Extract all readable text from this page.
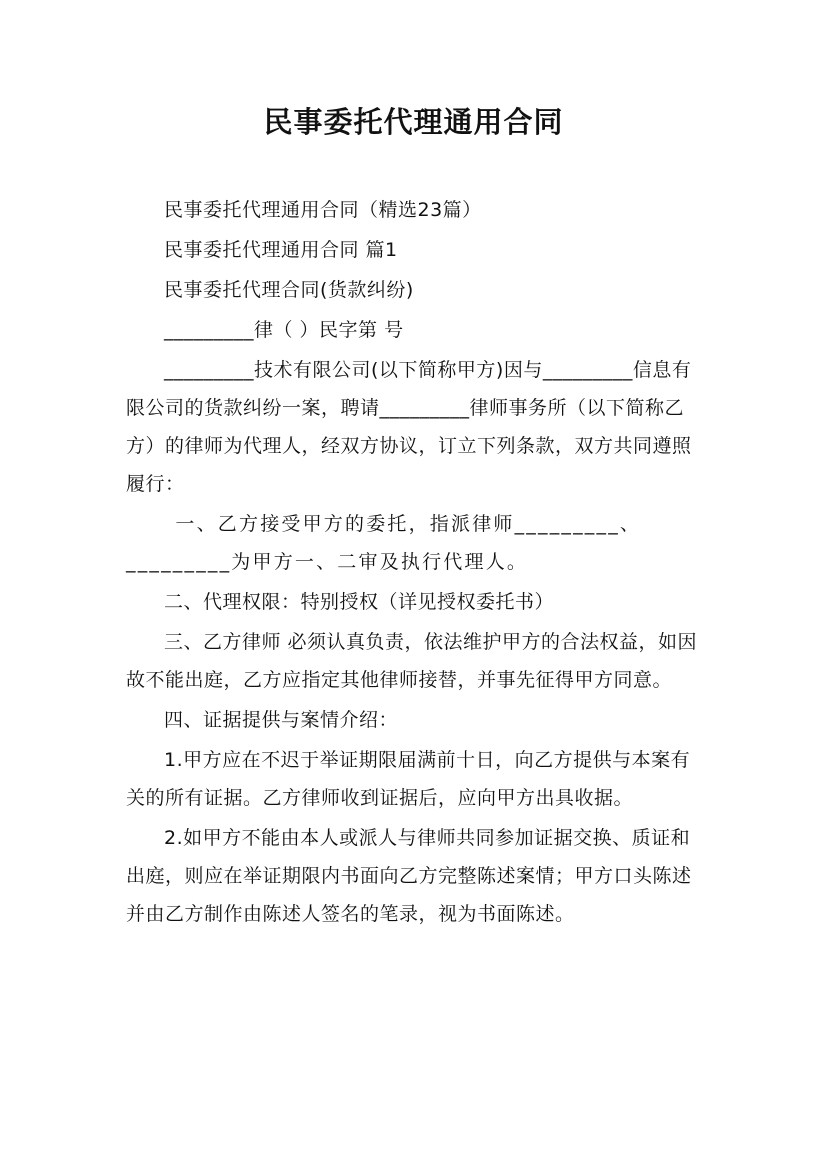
民事委托代理通用合同

民事委托代理通用合同（精选23篇）

民事委托代理通用合同 篇1

民事委托代理合同(货款纠纷)

_________律（ ）民字第 号

_________技术有限公司(以下简称甲方)因与_________信息有限公司的货款纠纷一案，聘请_________律师事务所（以下简称乙方）的律师为代理人，经双方协议，订立下列条款，双方共同遵照履行：

一、乙方接受甲方的委托，指派律师_________、_________为甲方一、二审及执行代理人。

二、代理权限：特别授权（详见授权委托书）

三、乙方律师 必须认真负责，依法维护甲方的合法权益，如因故不能出庭，乙方应指定其他律师接替，并事先征得甲方同意。

四、证据提供与案情介绍：

1.甲方应在不迟于举证期限届满前十日，向乙方提供与本案有关的所有证据。乙方律师收到证据后，应向甲方出具收据。

2.如甲方不能由本人或派人与律师共同参加证据交换、质证和出庭，则应在举证期限内书面向乙方完整陈述案情；甲方口头陈述并由乙方制作由陈述人签名的笔录，视为书面陈述。
